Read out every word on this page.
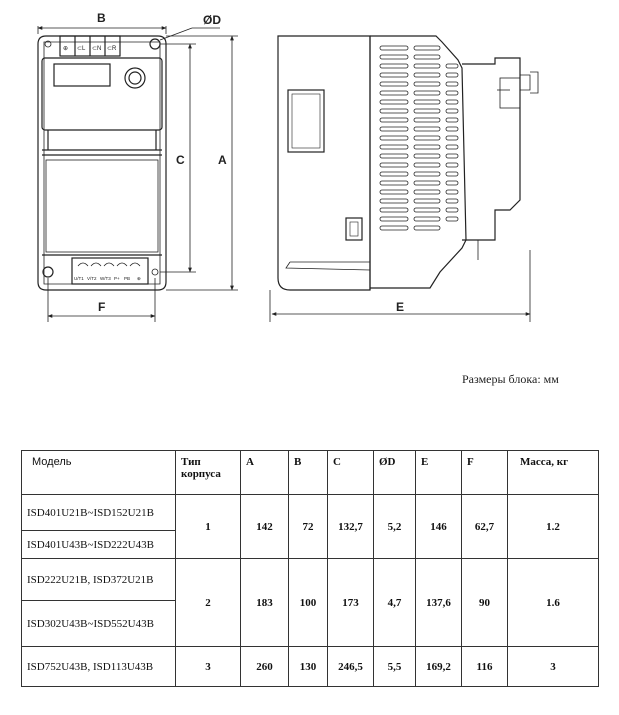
⊕ ⊂L ⊂N ⊂R
U/T1 V/T2 W/T3 P+ PB ⊕
B	ØD
C	A
F	E
Размеры блока: мм
Модель	Тип корпуса	A	B	C	ØD	E	F	Масса, кг
ISD401U21B~ISD152U21B	1	142	72	132,7	5,2	146	62,7	1.2
ISD401U43B~ISD222U43B								
ISD222U21B, ISD372U21B	2	183	100	173	4,7	137,6	90	1.6
ISD302U43B~ISD552U43B								
ISD752U43B, ISD113U43B	3	260	130	246,5	5,5	169,2	116	3
